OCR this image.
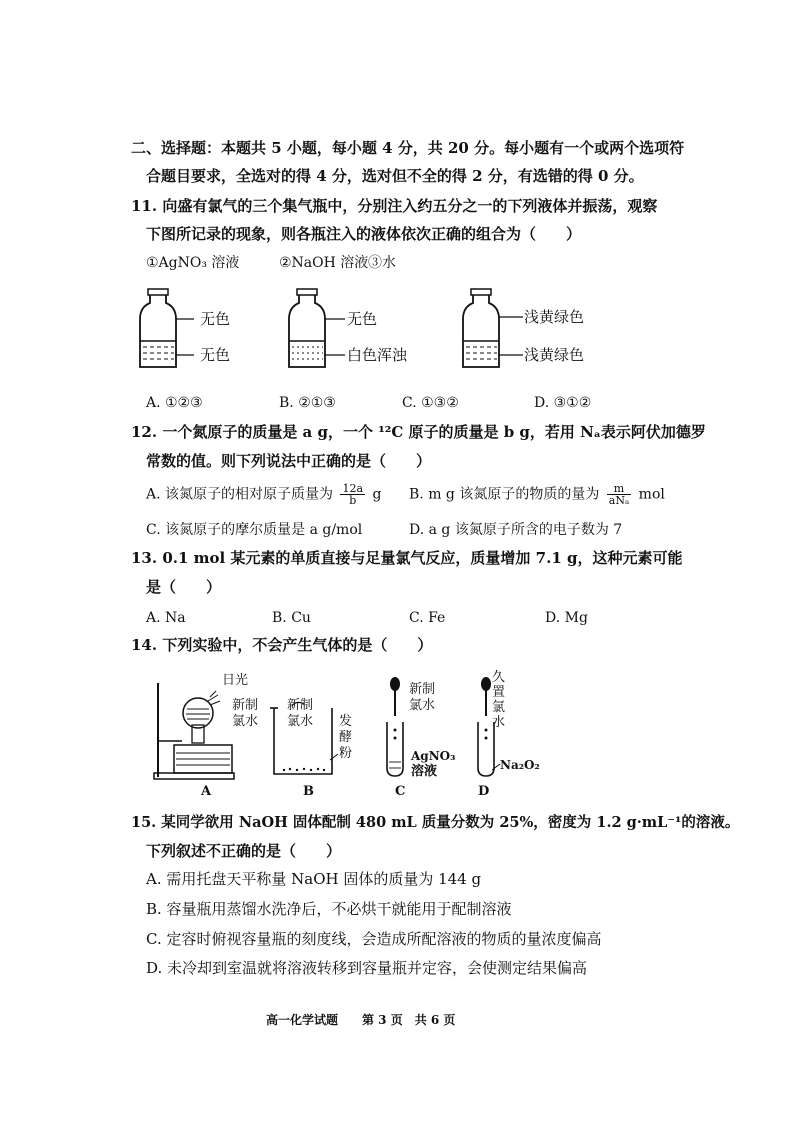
二、选择题：本题共 5 小题，每小题 4 分，共 20 分。每小题有一个或两个选项符
合题目要求，全选对的得 4 分，选对但不全的得 2 分，有选错的得 0 分。
11. 向盛有氯气的三个集气瓶中，分别注入约五分之一的下列液体并振荡，观察
下图所记录的现象，则各瓶注入的液体依次正确的组合为（　　）
①AgNO₃ 溶液	②NaOH 溶液 ③水
无色
无色
无色
白色浑浊
浅黄绿色
浅黄绿色
A. ①②③	B. ②①③	C. ①③②	D. ③①②
12. 一个氮原子的质量是 a g，一个 ¹²C 原子的质量是 b g，若用 Nₐ表示阿伏加德罗
常数的值。则下列说法中正确的是（　　）
A. 该氮原子的相对原子质量为 $\frac{12a}{b}$ g B. m g 该氮原子的物质的量为 $\frac{m}{\text{aNₐ}}$ mol
C. 该氮原子的摩尔质量是 a g/mol	D. a g 该氮原子所含的电子数为 7
13. 0.1 mol 某元素的单质直接与足量氯气反应，质量增加 7.1 g，这种元素可能
是（　　）
A. Na	B. Cu	C. Fe	D. Mg
14. 下列实验中，不会产生气体的是（　　）
日光
新制
氯水
A
新制
氯水 发
酵
粉
B
新制
氯水
AgNO₃
溶液
C
久
置
氯
水
Na₂O₂
D
15. 某同学欲用 NaOH 固体配制 480 mL 质量分数为 25%，密度为 1.2 g·mL⁻¹的溶液。
下列叙述不正确的是（　　）
A. 需用托盘天平称量 NaOH 固体的质量为 144 g
B. 容量瓶用蒸馏水洗净后，不必烘干就能用于配制溶液
C. 定容时俯视容量瓶的刻度线，会造成所配溶液的物质的量浓度偏高
D. 未冷却到室温就将溶液转移到容量瓶并定容，会使测定结果偏高
高一化学试题　　第 3 页　共 6 页
